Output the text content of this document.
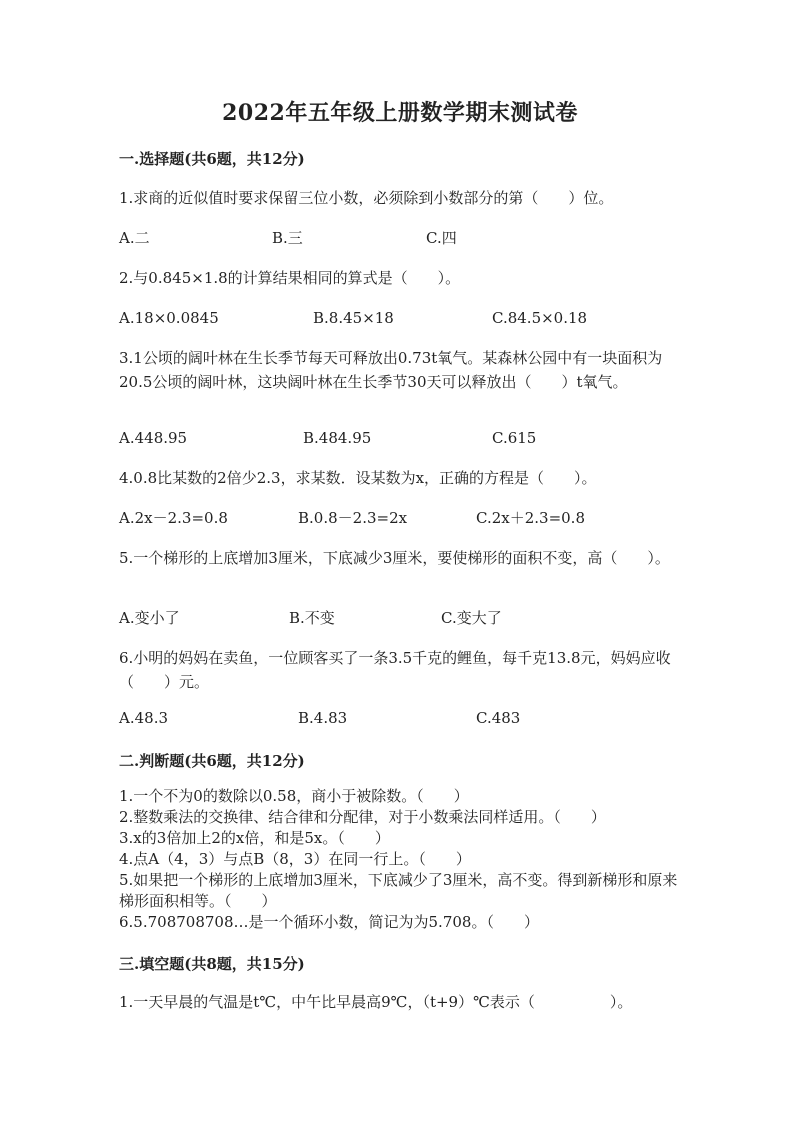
2022年五年级上册数学期末测试卷
一.选择题(共6题，共12分)
1.求商的近似值时要求保留三位小数，必须除到小数部分的第（　　）位。
A.二	B.三	C.四
2.与0.845×1.8的计算结果相同的算式是（　　）。
A.18×0.0845	B.8.45×18	C.84.5×0.18
3.1公顷的阔叶林在生长季节每天可释放出0.73t氧气。某森林公园中有一块面积为20.5公顷的阔叶林，这块阔叶林在生长季节30天可以释放出（　　）t氧气。
A.448.95	B.484.95	C.615
4.0.8比某数的2倍少2.3，求某数．设某数为x，正确的方程是（　　）。
A.2x－2.3=0.8	B.0.8－2.3=2x	C.2x＋2.3=0.8
5.一个梯形的上底增加3厘米，下底减少3厘米，要使梯形的面积不变，高（　　）。
A.变小了	B.不变	C.变大了
6.小明的妈妈在卖鱼，一位顾客买了一条3.5千克的鲤鱼，每千克13.8元，妈妈应收（　　）元。
A.48.3	B.4.83	C.483
二.判断题(共6题，共12分)
1.一个不为0的数除以0.58，商小于被除数。（　　）
2.整数乘法的交换律、结合律和分配律，对于小数乘法同样适用。（　　）
3.x的3倍加上2的x倍，和是5x。（　　）
4.点A（4，3）与点B（8，3）在同一行上。（　　）
5.如果把一个梯形的上底增加3厘米，下底减少了3厘米，高不变。得到新梯形和原来梯形面积相等。（　　）
6.5.708708708…是一个循环小数，简记为为5.708。（　　）
三.填空题(共8题，共15分)
1.一天早晨的气温是t℃，中午比早晨高9℃，（t+9）℃表示（　　　　　）。
